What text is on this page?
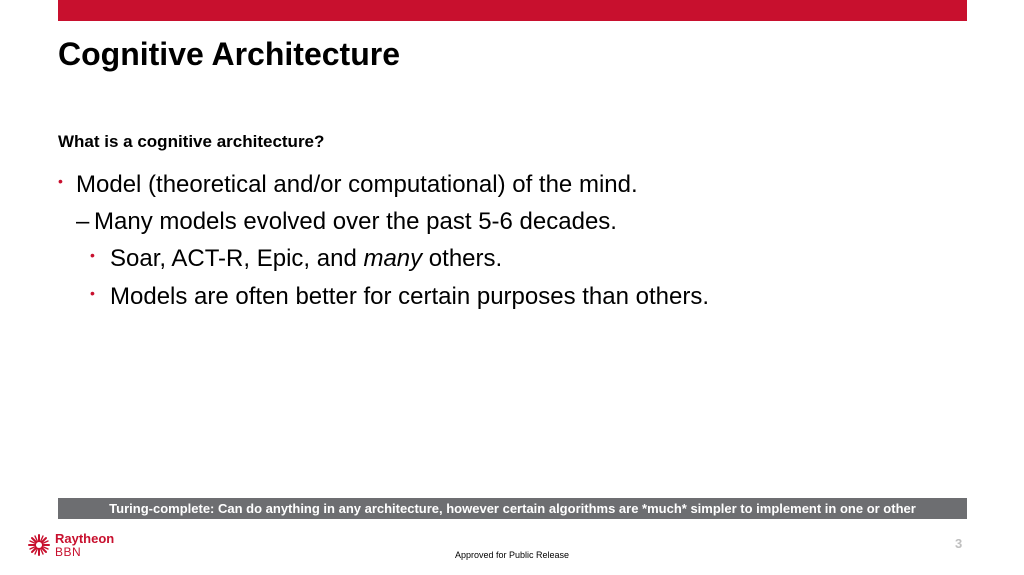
Cognitive Architecture
What is a cognitive architecture?
• Model (theoretical and/or computational) of the mind.
– Many models evolved over the past 5-6 decades.
• Soar, ACT-R, Epic, and many others.
• Models are often better for certain purposes than others.
Turing-complete: Can do anything in any architecture, however certain algorithms are *much* simpler to implement in one or other
Raytheon
BBN	Approved for Public Release
3
